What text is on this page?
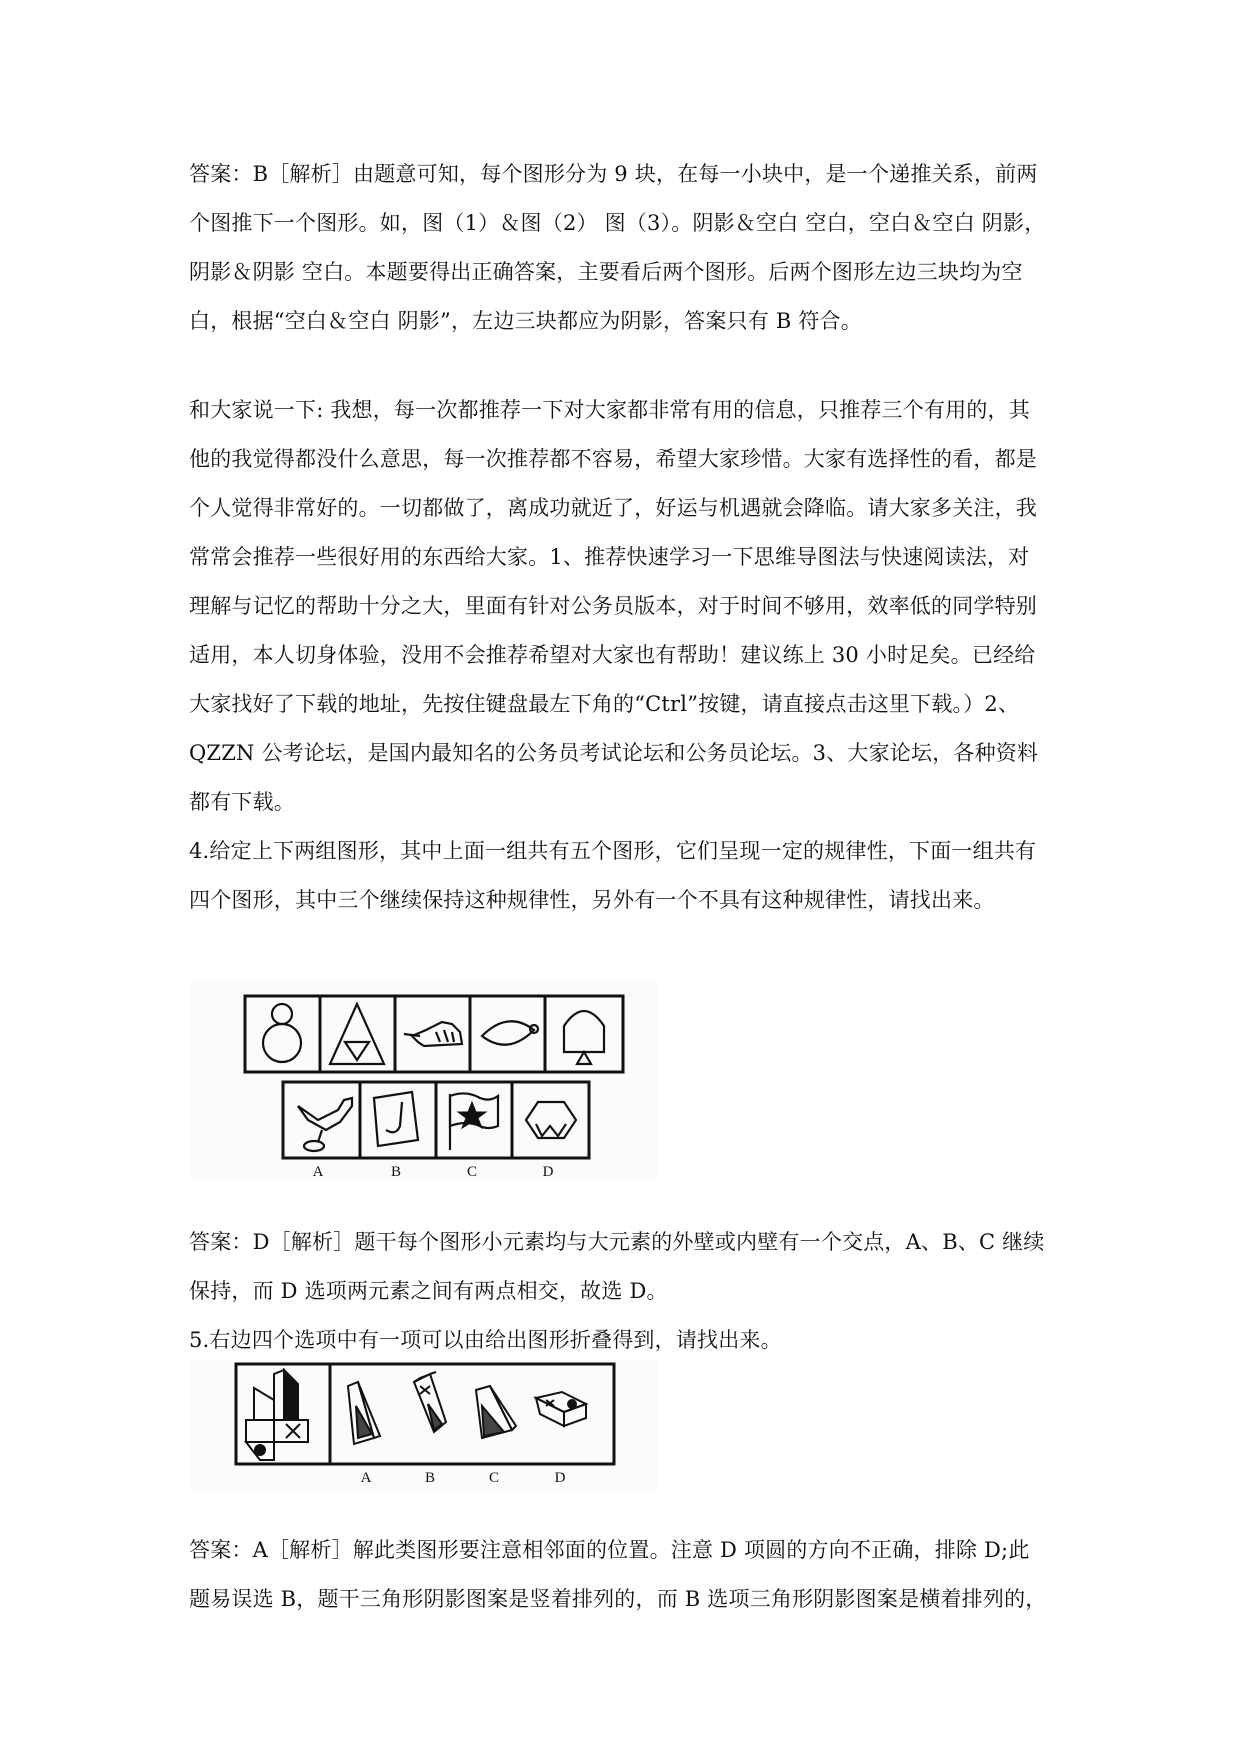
答案：B［解析］由题意可知，每个图形分为 9 块，在每一小块中，是一个递推关系，前两
个图推下一个图形。如，图（1）＆图（2） 图（3）。阴影＆空白 空白，空白＆空白 阴影，
阴影＆阴影 空白。本题要得出正确答案，主要看后两个图形。后两个图形左边三块均为空
白，根据“空白＆空白 阴影”，左边三块都应为阴影，答案只有 B 符合。

和大家说一下: 我想，每一次都推荐一下对大家都非常有用的信息，只推荐三个有用的，其
他的我觉得都没什么意思，每一次推荐都不容易，希望大家珍惜。大家有选择性的看，都是
个人觉得非常好的。一切都做了，离成功就近了，好运与机遇就会降临。请大家多关注，我
常常会推荐一些很好用的东西给大家。1、推荐快速学习一下思维导图法与快速阅读法，对
理解与记忆的帮助十分之大，里面有针对公务员版本，对于时间不够用，效率低的同学特别
适用，本人切身体验，没用不会推荐希望对大家也有帮助！建议练上 30 小时足矣。已经给
大家找好了下载的地址，先按住键盘最左下角的“Ctrl”按键，请直接点击这里下载。）2、
QZZN 公考论坛，是国内最知名的公务员考试论坛和公务员论坛。3、大家论坛，各种资料
都有下载。

4.给定上下两组图形，其中上面一组共有五个图形，它们呈现一定的规律性，下面一组共有
四个图形，其中三个继续保持这种规律性，另外有一个不具有这种规律性，请找出来。

A	B	C	D

答案：D［解析］题干每个图形小元素均与大元素的外壁或内壁有一个交点，A、B、C 继续
保持，而 D 选项两元素之间有两点相交，故选 D。

5.右边四个选项中有一项可以由给出图形折叠得到，请找出来。

A	B	C	D

答案：A［解析］解此类图形要注意相邻面的位置。注意 D 项圆的方向不正确，排除 D;此
题易误选 B，题干三角形阴影图案是竖着排列的，而 B 选项三角形阴影图案是横着排列的，
